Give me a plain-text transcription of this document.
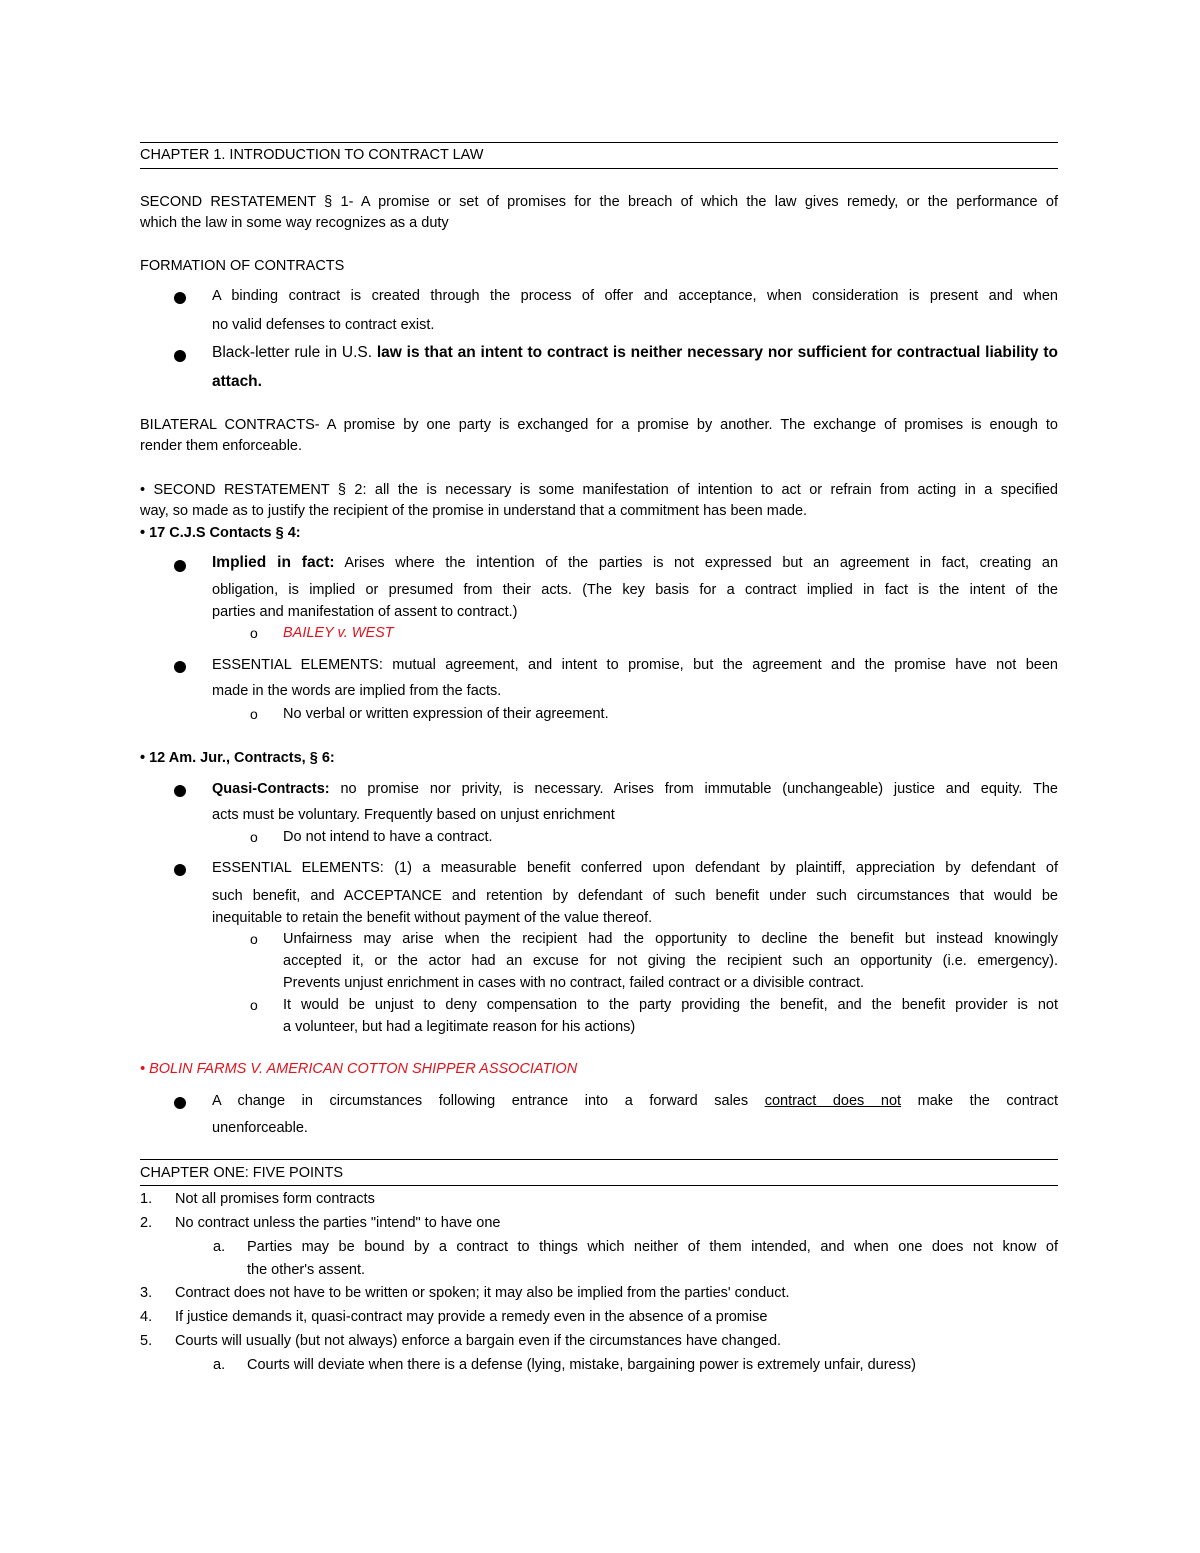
CHAPTER 1. INTRODUCTION TO CONTRACT LAW
SECOND RESTATEMENT § 1- A promise or set of promises for the breach of which the law gives remedy, or the performance of
which the law in some way recognizes as a duty
FORMATION OF CONTRACTS
A binding contract is created through the process of offer and acceptance, when consideration is present and when
no valid defenses to contract exist.
Black-letter rule in U.S. law is that an intent to contract is neither necessary nor sufficient for contractual liability to
attach.
BILATERAL CONTRACTS- A promise by one party is exchanged for a promise by another. The exchange of promises is enough to
render them enforceable.
• SECOND RESTATEMENT § 2: all the is necessary is some manifestation of intention to act or refrain from acting in a specified
way, so made as to justify the recipient of the promise in understand that a commitment has been made.
• 17 C.J.S Contacts § 4:
Implied in fact: Arises where the intention of the parties is not expressed but an agreement in fact, creating an
obligation, is implied or presumed from their acts. (The key basis for a contract implied in fact is the intent of the
parties and manifestation of assent to contract.)
o BAILEY v. WEST
ESSENTIAL ELEMENTS: mutual agreement, and intent to promise, but the agreement and the promise have not been
made in the words are implied from the facts.
o No verbal or written expression of their agreement.
• 12 Am. Jur., Contracts, § 6:
Quasi-Contracts: no promise nor privity, is necessary. Arises from immutable (unchangeable) justice and equity. The
acts must be voluntary. Frequently based on unjust enrichment
o Do not intend to have a contract.
ESSENTIAL ELEMENTS: (1) a measurable benefit conferred upon defendant by plaintiff, appreciation by defendant of
such benefit, and ACCEPTANCE and retention by defendant of such benefit under such circumstances that would be
inequitable to retain the benefit without payment of the value thereof.
o Unfairness may arise when the recipient had the opportunity to decline the benefit but instead knowingly
accepted it, or the actor had an excuse for not giving the recipient such an opportunity (i.e. emergency).
Prevents unjust enrichment in cases with no contract, failed contract or a divisible contract.
o It would be unjust to deny compensation to the party providing the benefit, and the benefit provider is not
a volunteer, but had a legitimate reason for his actions)
• BOLIN FARMS V. AMERICAN COTTON SHIPPER ASSOCIATION
A change in circumstances following entrance into a forward sales contract does not make the contract
unenforceable.
CHAPTER ONE: FIVE POINTS
1. Not all promises form contracts
2. No contract unless the parties "intend" to have one
a. Parties may be bound by a contract to things which neither of them intended, and when one does not know of
the other's assent.
3. Contract does not have to be written or spoken; it may also be implied from the parties' conduct.
4. If justice demands it, quasi-contract may provide a remedy even in the absence of a promise
5. Courts will usually (but not always) enforce a bargain even if the circumstances have changed.
a. Courts will deviate when there is a defense (lying, mistake, bargaining power is extremely unfair, duress)
